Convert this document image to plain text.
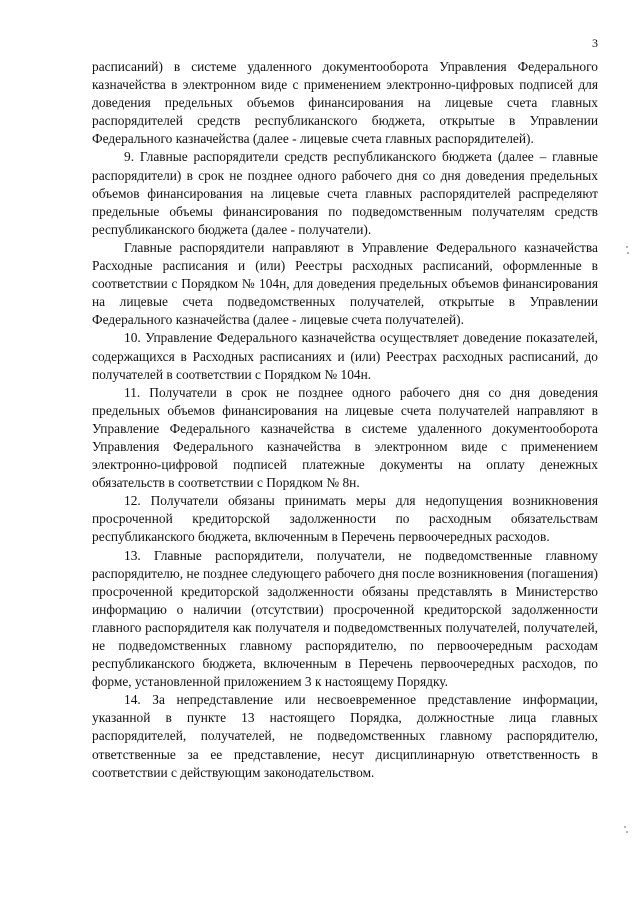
3

расписаний) в системе удаленного документооборота Управления Федерального казначейства в электронном виде с применением электронно-цифровых подписей для доведения предельных объемов финансирования на лицевые счета главных распорядителей средств республиканского бюджета, открытые в Управлении Федерального казначейства (далее - лицевые счета главных распорядителей).

9. Главные распорядители средств республиканского бюджета (далее – главные распорядители) в срок не позднее одного рабочего дня со дня доведения предельных объемов финансирования на лицевые счета главных распорядителей распределяют предельные объемы финансирования по подведомственным получателям средств республиканского бюджета (далее - получатели).

Главные распорядители направляют в Управление Федерального казначейства Расходные расписания и (или) Реестры расходных расписаний, оформленные в соответствии с Порядком № 104н, для доведения предельных объемов финансирования на лицевые счета подведомственных получателей, открытые в Управлении Федерального казначейства (далее - лицевые счета получателей).

10. Управление Федерального казначейства осуществляет доведение показателей, содержащихся в Расходных расписаниях и (или) Реестрах расходных расписаний, до получателей в соответствии с Порядком № 104н.

11. Получатели в срок не позднее одного рабочего дня со дня доведения предельных объемов финансирования на лицевые счета получателей направляют в Управление Федерального казначейства в системе удаленного документооборота Управления Федерального казначейства в электронном виде с применением электронно-цифровой подписей платежные документы на оплату денежных обязательств в соответствии с Порядком № 8н.

12. Получатели обязаны принимать меры для недопущения возникновения просроченной кредиторской задолженности по расходным обязательствам республиканского бюджета, включенным в Перечень первоочередных расходов.

13. Главные распорядители, получатели, не подведомственные главному распорядителю, не позднее следующего рабочего дня после возникновения (погашения) просроченной кредиторской задолженности обязаны представлять в Министерство информацию о наличии (отсутствии) просроченной кредиторской задолженности главного распорядителя как получателя и подведомственных получателей, получателей, не подведомственных главному распорядителю, по первоочередным расходам республиканского бюджета, включенным в Перечень первоочередных расходов, по форме, установленной приложением 3 к настоящему Порядку.

14. За непредставление или несвоевременное представление информации, указанной в пункте 13 настоящего Порядка, должностные лица главных распорядителей, получателей, не подведомственных главному распорядителю, ответственные за ее представление, несут дисциплинарную ответственность в соответствии с действующим законодательством.
